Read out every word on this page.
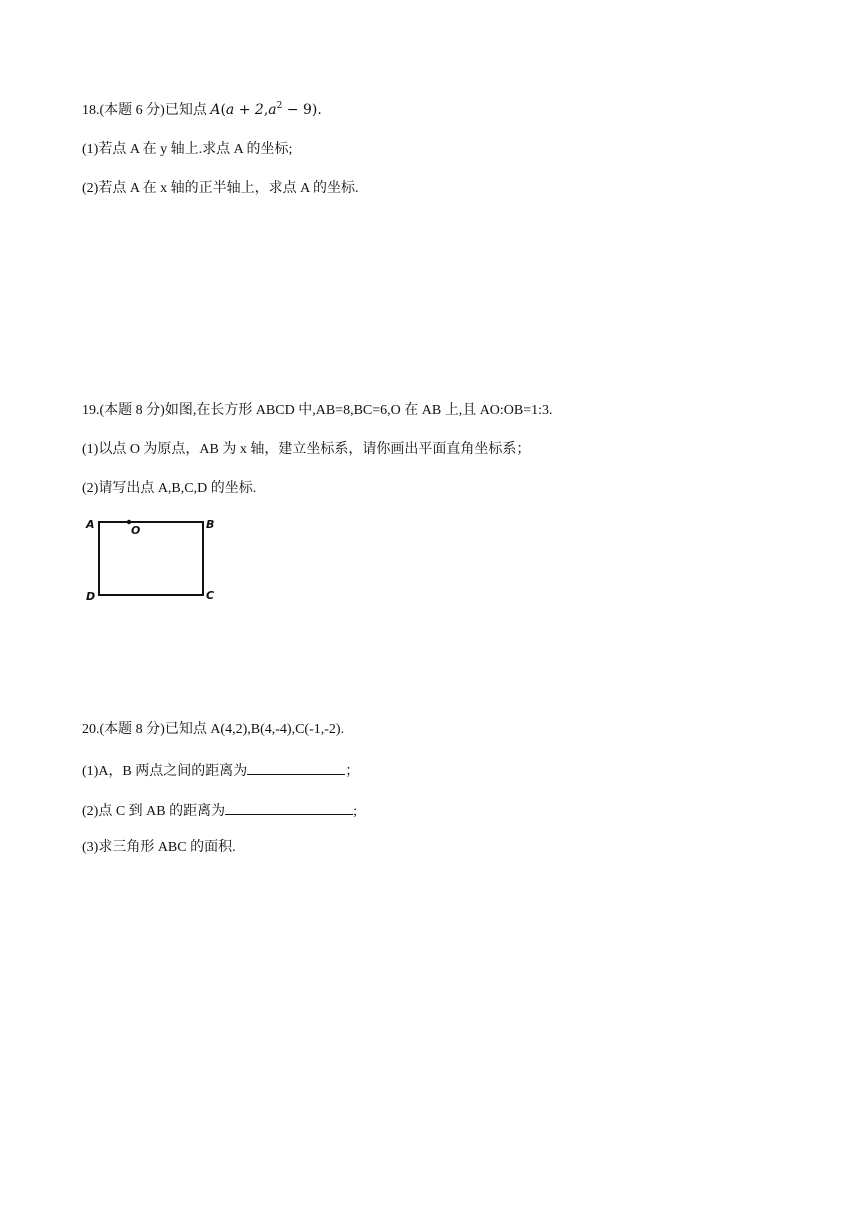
18.(本题 6 分)已知点 $A(a + 2,a^2 - 9)$.
(1)若点 A 在 y 轴上.求点 A 的坐标;
(2)若点 A 在 x 轴的正半轴上，求点 A 的坐标.
19.(本题 8 分)如图,在长方形 ABCD 中,AB=8,BC=6,O 在 AB 上,且 AO:OB=1:3.
(1)以点 O 为原点，AB 为 x 轴，建立坐标系，请你画出平面直角坐标系；
(2)请写出点 A,B,C,D 的坐标.
A	B
O
D	C
20.(本题 8 分)已知点 A(4,2),B(4,-4),C(-1,-2).
(1)A，B 两点之间的距离为	；
(2)点 C 到 AB 的距离为	;
(3)求三角形 ABC 的面积.
